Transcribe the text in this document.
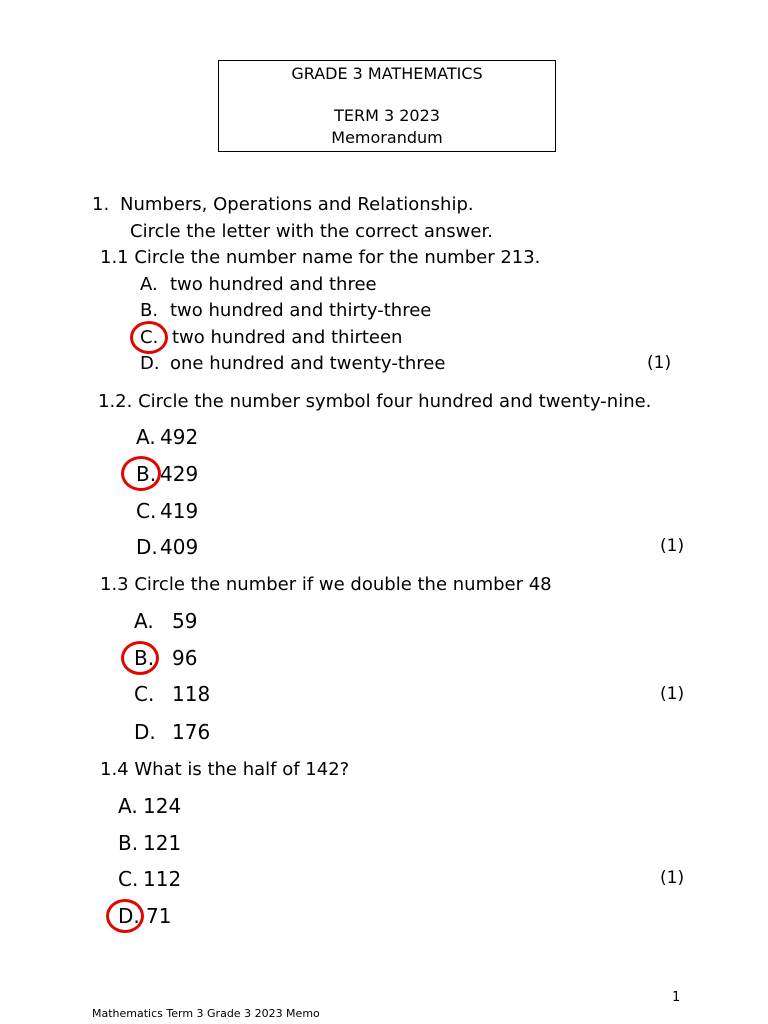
GRADE 3 MATHEMATICS
TERM 3 2023
Memorandum
1. Numbers, Operations and Relationship.
Circle the letter with the correct answer.
1.1 Circle the number name for the number 213.
A. two hundred and three
B. two hundred and thirty-three
C. two hundred and thirteen
D. one hundred and twenty-three	(1)
1.2. Circle the number symbol four hundred and twenty-nine.
A. 492
B. 429
C. 419
D. 409	(1)
1.3 Circle the number if we double the number 48
A. 59
B. 96
C. 118	(1)
D. 176
1.4 What is the half of 142?
A. 124
B. 121
C. 112	(1)
D. 71
1
Mathematics Term 3 Grade 3 2023 Memo
